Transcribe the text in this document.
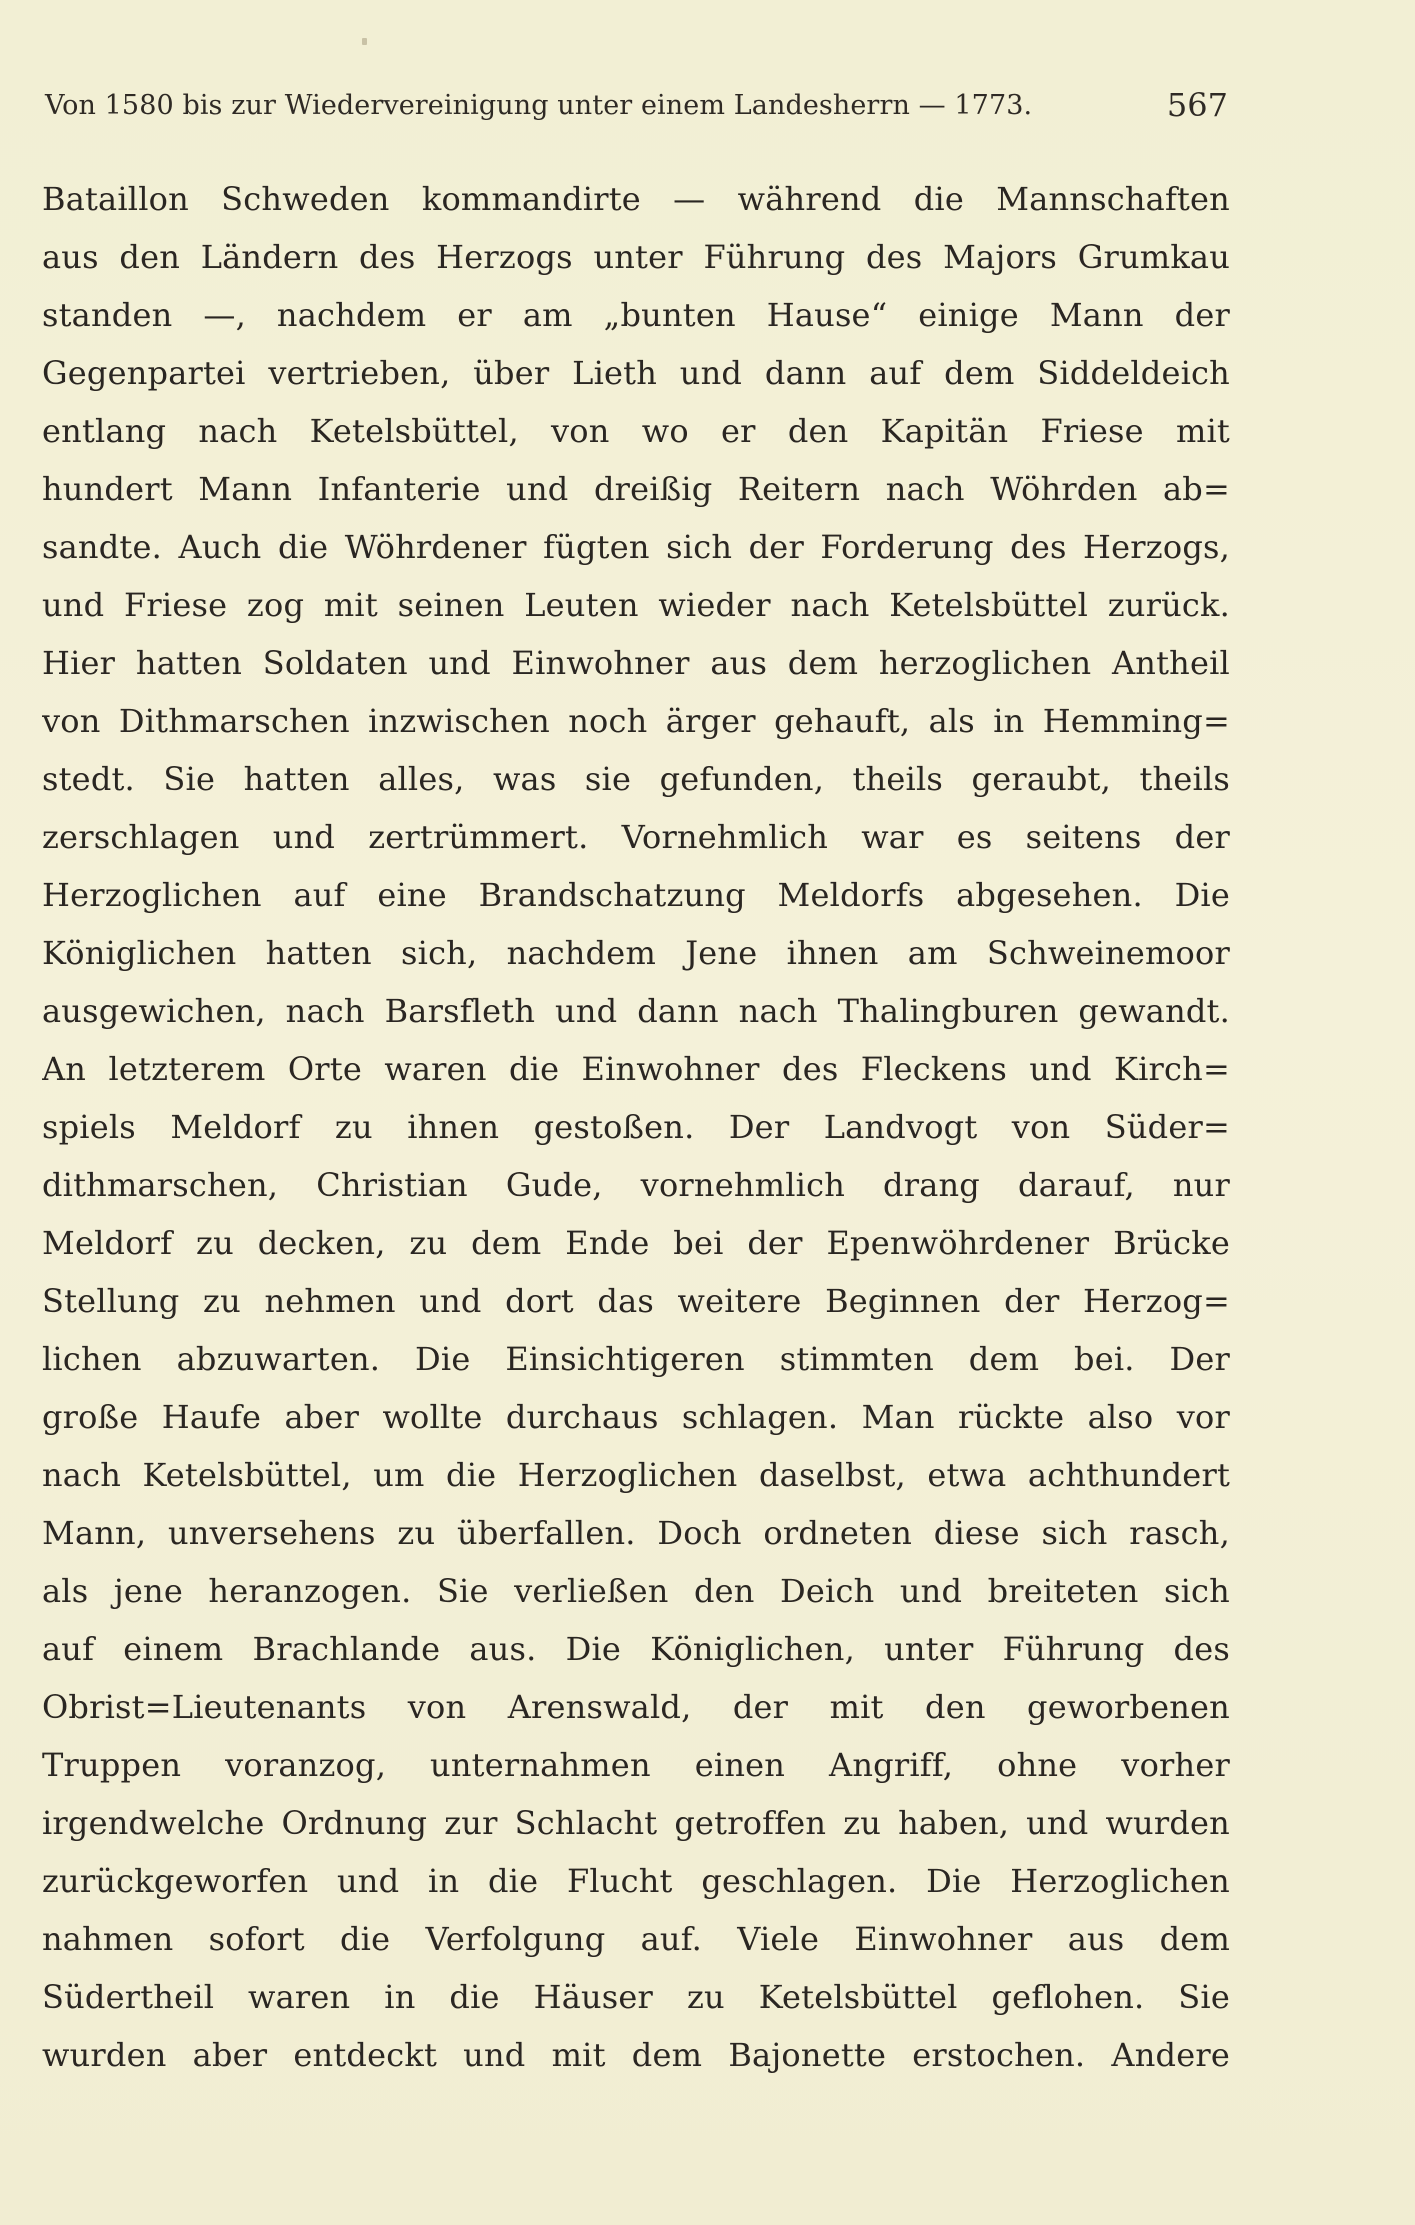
Von 1580 bis zur Wiedervereinigung unter einem Landesherrn — 1773.	567
Bataillon Schweden kommandirte — während die Mannschaften
aus den Ländern des Herzogs unter Führung des Majors Grumkau
standen —, nachdem er am „bunten Hause“ einige Mann der
Gegenpartei vertrieben, über Lieth und dann auf dem Siddeldeich
entlang nach Ketelsbüttel, von wo er den Kapitän Friese mit
hundert Mann Infanterie und dreißig Reitern nach Wöhrden ab=
sandte. Auch die Wöhrdener fügten sich der Forderung des Herzogs,
und Friese zog mit seinen Leuten wieder nach Ketelsbüttel zurück.
Hier hatten Soldaten und Einwohner aus dem herzoglichen Antheil
von Dithmarschen inzwischen noch ärger gehauft, als in Hemming=
stedt. Sie hatten alles, was sie gefunden, theils geraubt, theils
zerschlagen und zertrümmert. Vornehmlich war es seitens der
Herzoglichen auf eine Brandschatzung Meldorfs abgesehen. Die
Königlichen hatten sich, nachdem Jene ihnen am Schweinemoor
ausgewichen, nach Barsfleth und dann nach Thalingburen gewandt.
An letzterem Orte waren die Einwohner des Fleckens und Kirch=
spiels Meldorf zu ihnen gestoßen. Der Landvogt von Süder=
dithmarschen, Christian Gude, vornehmlich drang darauf, nur
Meldorf zu decken, zu dem Ende bei der Epenwöhrdener Brücke
Stellung zu nehmen und dort das weitere Beginnen der Herzog=
lichen abzuwarten. Die Einsichtigeren stimmten dem bei. Der
große Haufe aber wollte durchaus schlagen. Man rückte also vor
nach Ketelsbüttel, um die Herzoglichen daselbst, etwa achthundert
Mann, unversehens zu überfallen. Doch ordneten diese sich rasch,
als jene heranzogen. Sie verließen den Deich und breiteten sich
auf einem Brachlande aus. Die Königlichen, unter Führung des
Obrist=Lieutenants von Arenswald, der mit den geworbenen
Truppen voranzog, unternahmen einen Angriff, ohne vorher
irgendwelche Ordnung zur Schlacht getroffen zu haben, und wurden
zurückgeworfen und in die Flucht geschlagen. Die Herzoglichen
nahmen sofort die Verfolgung auf. Viele Einwohner aus dem
Südertheil waren in die Häuser zu Ketelsbüttel geflohen. Sie
wurden aber entdeckt und mit dem Bajonette erstochen. Andere
